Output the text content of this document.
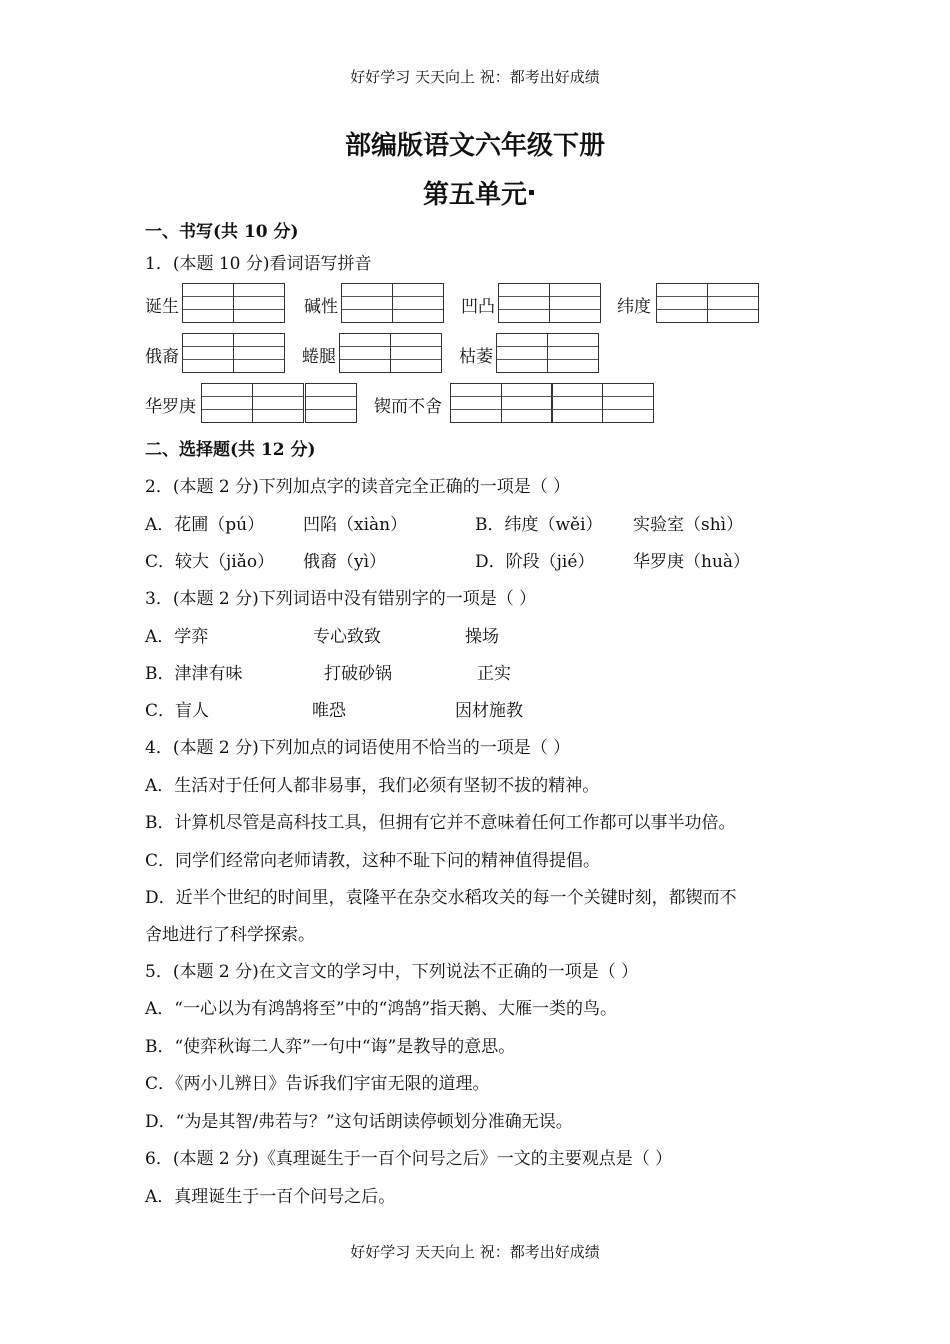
好好学习 天天向上 祝：都考出好成绩
部编版语文六年级下册
第五单元
一、书写(共 10 分)
1．(本题 10 分)看词语写拼音
诞生	碱性	凹凸	纬度
俄裔	蜷腿	枯萎
华罗庚	锲而不舍
二、选择题(共 12 分)
2．(本题 2 分)下列加点字的读音完全正确的一项是（ ）
A．花圃（pú） 凹陷（xiàn）	B．纬度（wěi） 实验室（shì）
C．较大（jiǎo） 俄裔（yì）	D．阶段（jié） 华罗庚（huà）
3．(本题 2 分)下列词语中没有错别字的一项是（ ）
A．学弈	专心致致	操场
B．津津有味	打破砂锅	正实
C．盲人	唯恐	因材施教
4．(本题 2 分)下列加点的词语使用不恰当的一项是（ ）
A．生活对于任何人都非易事，我们必须有坚韧不拔的精神。
B．计算机尽管是高科技工具，但拥有它并不意味着任何工作都可以事半功倍。
C．同学们经常向老师请教，这种不耻下问的精神值得提倡。
D．近半个世纪的时间里，袁隆平在杂交水稻攻关的每一个关键时刻，都锲而不
舍地进行了科学探索。
5．(本题 2 分)在文言文的学习中，下列说法不正确的一项是（ ）
A．“一心以为有鸿鹄将至”中的“鸿鹄”指天鹅、大雁一类的鸟。
B．“使弈秋诲二人弈”一句中“诲”是教导的意思。
C．《两小儿辨日》告诉我们宇宙无限的道理。
D．“为是其智/弗若与？”这句话朗读停顿划分准确无误。
6．(本题 2 分)《真理诞生于一百个问号之后》一文的主要观点是（ ）
A．真理诞生于一百个问号之后。
好好学习 天天向上 祝：都考出好成绩
